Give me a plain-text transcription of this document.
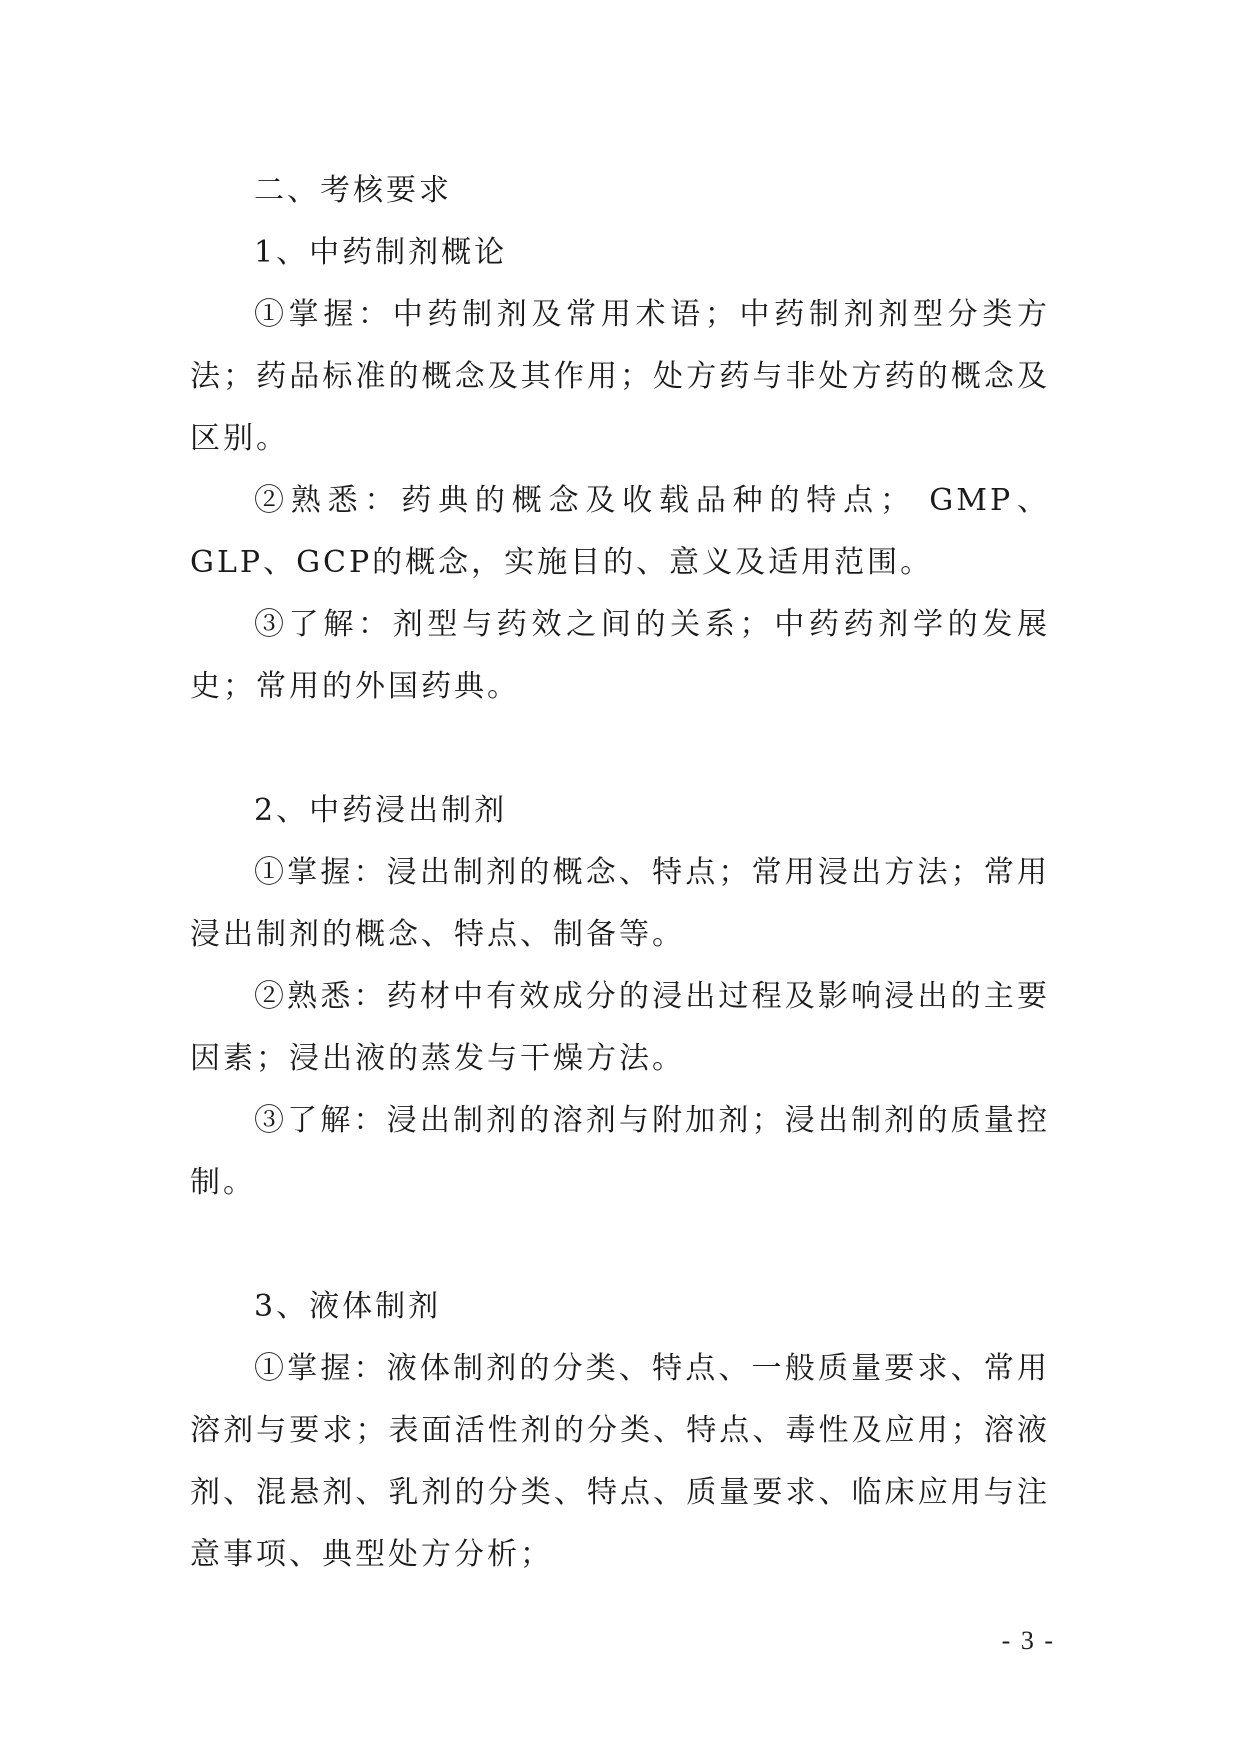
二、考核要求

1、中药制剂概论

①掌握：中药制剂及常用术语；中药制剂剂型分类方法；药品标准的概念及其作用；处方药与非处方药的概念及区别。

②熟悉：药典的概念及收载品种的特点； GMP、GLP、GCP的概念，实施目的、意义及适用范围。

③了解：剂型与药效之间的关系；中药药剂学的发展史；常用的外国药典。

2、中药浸出制剂

①掌握：浸出制剂的概念、特点；常用浸出方法；常用浸出制剂的概念、特点、制备等。

②熟悉：药材中有效成分的浸出过程及影响浸出的主要因素；浸出液的蒸发与干燥方法。

③了解：浸出制剂的溶剂与附加剂；浸出制剂的质量控制。

3、液体制剂

①掌握：液体制剂的分类、特点、一般质量要求、常用溶剂与要求；表面活性剂的分类、特点、毒性及应用；溶液剂、混悬剂、乳剂的分类、特点、质量要求、临床应用与注意事项、典型处方分析；

- 3 -
